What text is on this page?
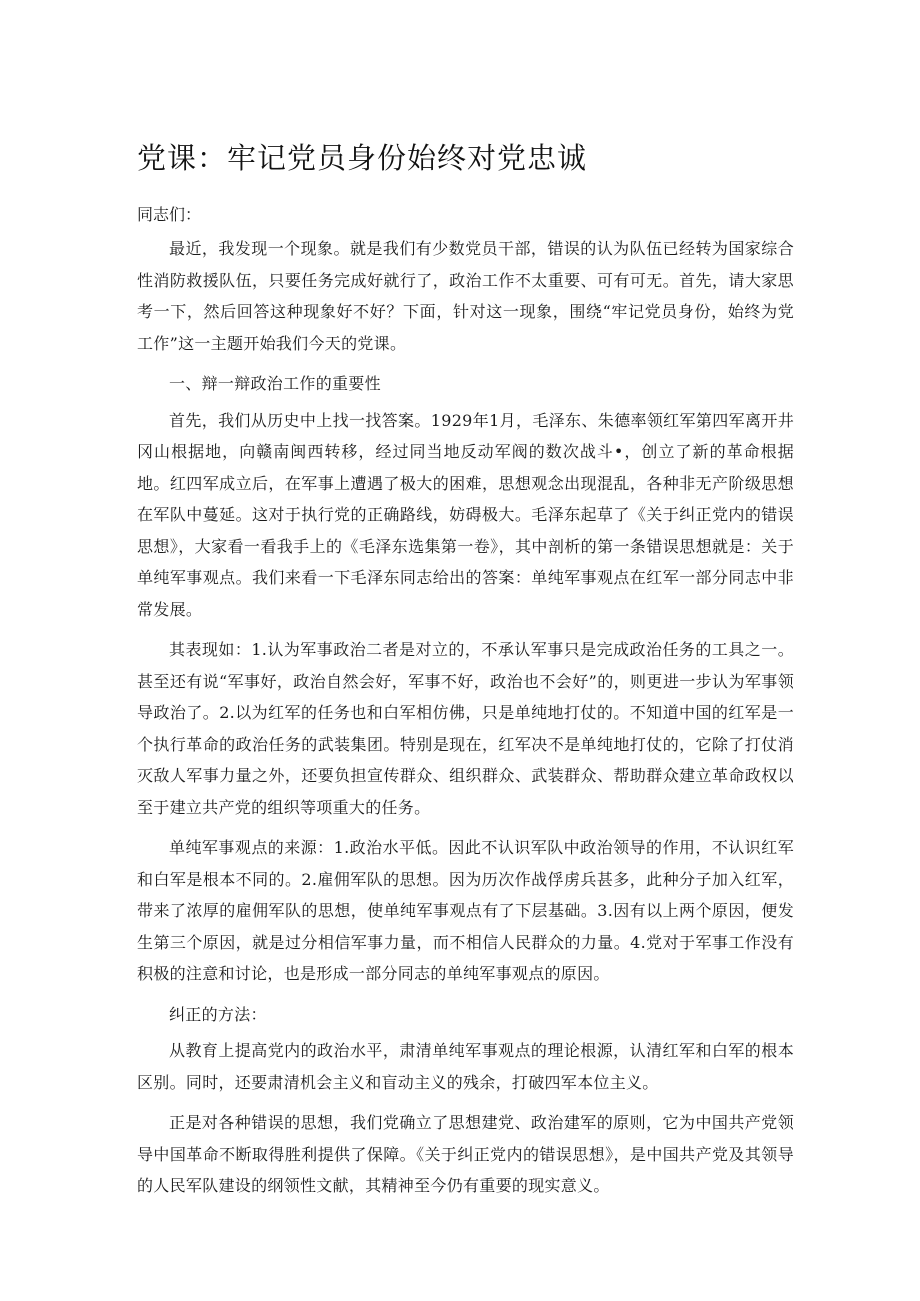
党课：牢记党员身份始终对党忠诚
同志们：

最近，我发现一个现象。就是我们有少数党员干部，错误的认为队伍已经转为国家综合性消防救援队伍，只要任务完成好就行了，政治工作不太重要、可有可无。首先，请大家思考一下，然后回答这种现象好不好？下面，针对这一现象，围绕“牢记党员身份，始终为党工作”这一主题开始我们今天的党课。

一、辩一辩政治工作的重要性

首先，我们从历史中上找一找答案。1929年1月，毛泽东、朱德率领红军第四军离开井冈山根据地，向赣南闽西转移，经过同当地反动军阀的数次战斗•，创立了新的革命根据地。红四军成立后，在军事上遭遇了极大的困难，思想观念出现混乱，各种非无产阶级思想在军队中蔓延。这对于执行党的正确路线，妨碍极大。毛泽东起草了《关于纠正党内的错误思想》，大家看一看我手上的《毛泽东选集第一卷》，其中剖析的第一条错误思想就是：关于单纯军事观点。我们来看一下毛泽东同志给出的答案：单纯军事观点在红军一部分同志中非常发展。

其表现如：1.认为军事政治二者是对立的，不承认军事只是完成政治任务的工具之一。甚至还有说“军事好，政治自然会好，军事不好，政治也不会好”的，则更进一步认为军事领导政治了。2.以为红军的任务也和白军相仿佛，只是单纯地打仗的。不知道中国的红军是一个执行革命的政治任务的武装集团。特别是现在，红军决不是单纯地打仗的，它除了打仗消灭敌人军事力量之外，还要负担宣传群众、组织群众、武装群众、帮助群众建立革命政权以至于建立共产党的组织等项重大的任务。

单纯军事观点的来源：1.政治水平低。因此不认识军队中政治领导的作用，不认识红军和白军是根本不同的。2.雇佣军队的思想。因为历次作战俘虏兵甚多，此种分子加入红军，带来了浓厚的雇佣军队的思想，使单纯军事观点有了下层基础。3.因有以上两个原因，便发生第三个原因，就是过分相信军事力量，而不相信人民群众的力量。4.党对于军事工作没有积极的注意和讨论，也是形成一部分同志的单纯军事观点的原因。

纠正的方法：

从教育上提高党内的政治水平，肃清单纯军事观点的理论根源，认清红军和白军的根本区别。同时，还要肃清机会主义和盲动主义的残余，打破四军本位主义。

正是对各种错误的思想，我们党确立了思想建党、政治建军的原则，它为中国共产党领导中国革命不断取得胜利提供了保障。《关于纠正党内的错误思想》，是中国共产党及其领导的人民军队建设的纲领性文献，其精神至今仍有重要的现实意义。
